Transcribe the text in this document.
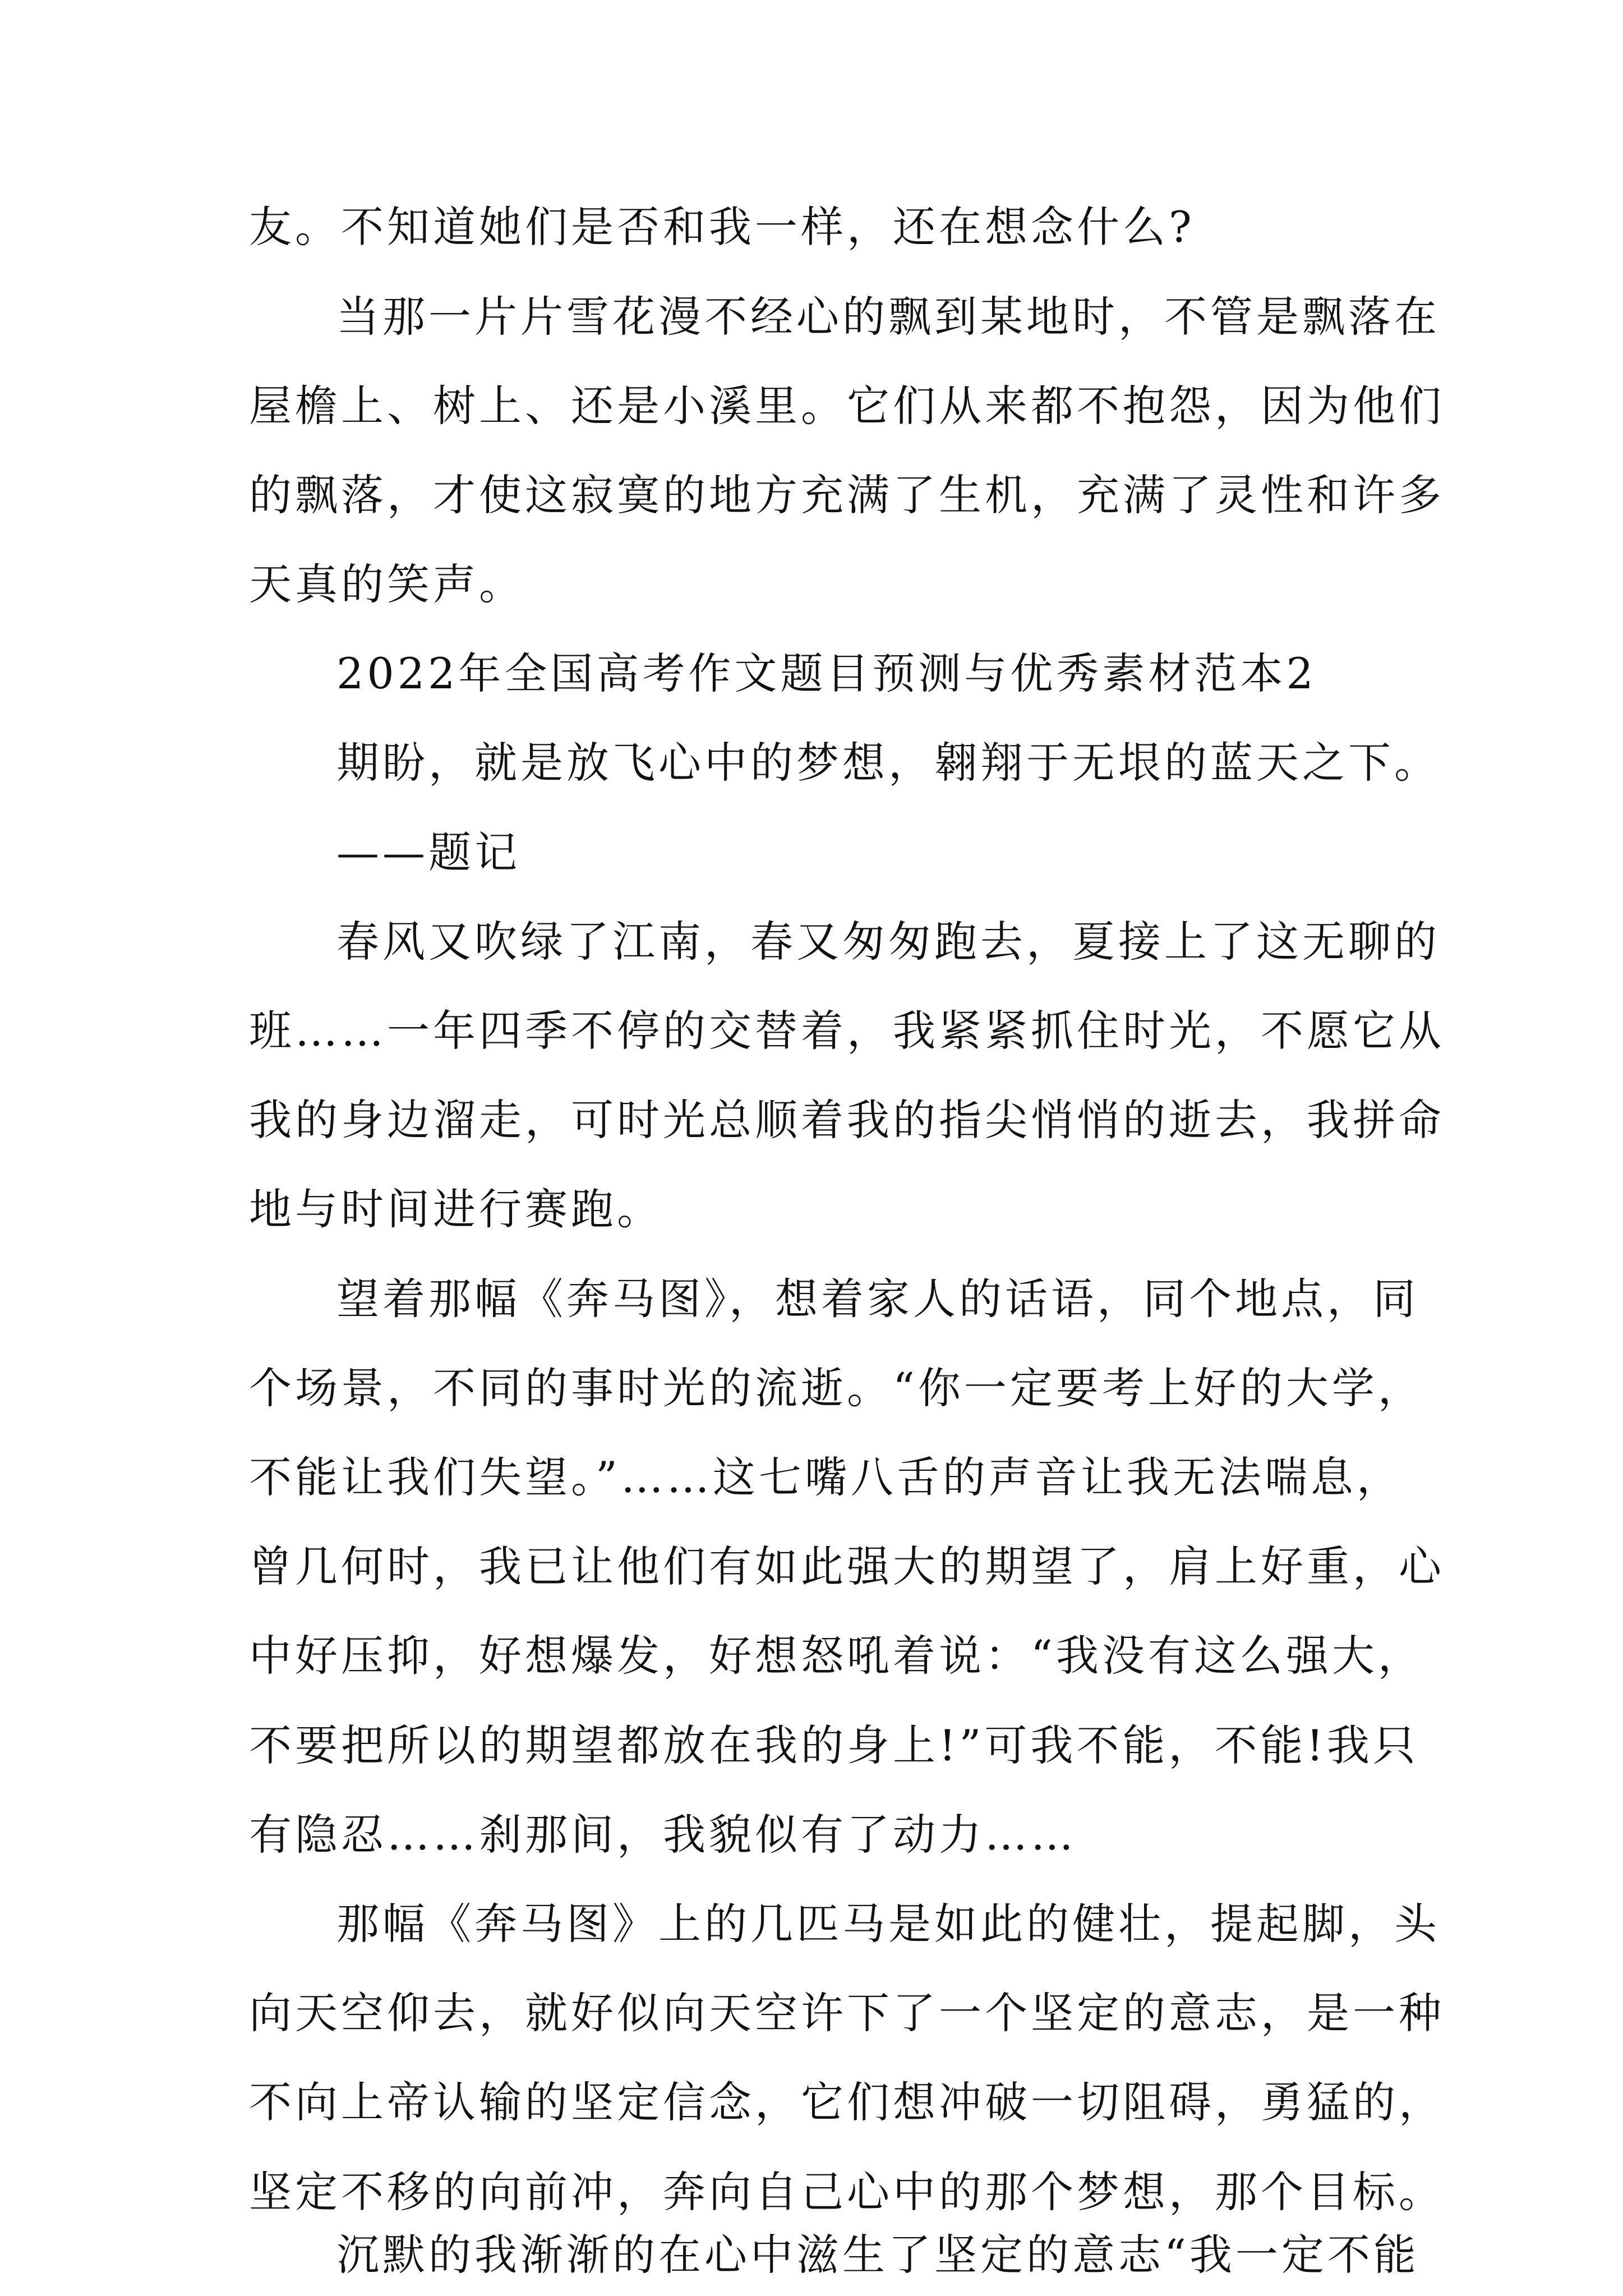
友。不知道她们是否和我一样，还在想念什么?
当那一片片雪花漫不经心的飘到某地时，不管是飘落在
屋檐上、树上、还是小溪里。它们从来都不抱怨，因为他们
的飘落，才使这寂寞的地方充满了生机，充满了灵性和许多
天真的笑声。
2022年全国高考作文题目预测与优秀素材范本2
期盼，就是放飞心中的梦想，翱翔于无垠的蓝天之下。
——题记
春风又吹绿了江南，春又匆匆跑去，夏接上了这无聊的
班……一年四季不停的交替着，我紧紧抓住时光，不愿它从
我的身边溜走，可时光总顺着我的指尖悄悄的逝去，我拼命
地与时间进行赛跑。
望着那幅《奔马图》，想着家人的话语，同个地点，同
个场景，不同的事时光的流逝。“你一定要考上好的大学，
不能让我们失望。”……这七嘴八舌的声音让我无法喘息，
曾几何时，我已让他们有如此强大的期望了，肩上好重，心
中好压抑，好想爆发，好想怒吼着说：“我没有这么强大，
不要把所以的期望都放在我的身上!”可我不能，不能!我只
有隐忍……刹那间，我貌似有了动力……
那幅《奔马图》上的几匹马是如此的健壮，提起脚，头
向天空仰去，就好似向天空许下了一个坚定的意志，是一种
不向上帝认输的坚定信念，它们想冲破一切阻碍，勇猛的，
坚定不移的向前冲，奔向自己心中的那个梦想，那个目标。
沉默的我渐渐的在心中滋生了坚定的意志“我一定不能
